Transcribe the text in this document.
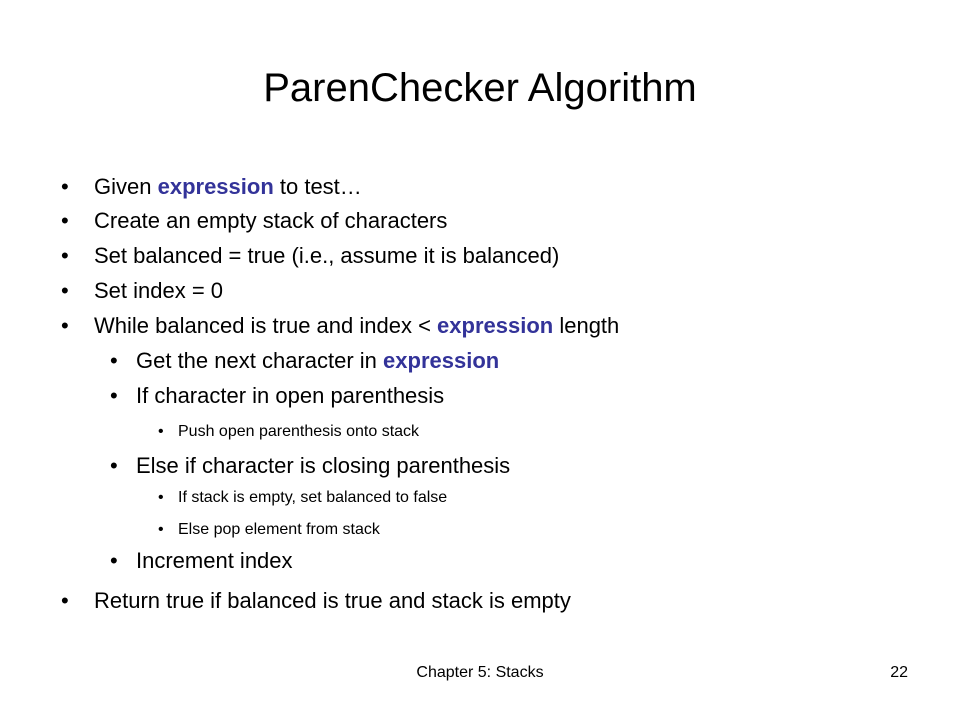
ParenChecker Algorithm
• Given expression to test…
• Create an empty stack of characters
• Set balanced = true (i.e., assume it is balanced)
• Set index = 0
• While balanced is true and index < expression length
• Get the next character in expression
• If character in open parenthesis
• Push open parenthesis onto stack
• Else if character is closing parenthesis
• If stack is empty, set balanced to false
• Else pop element from stack
• Increment index
• Return true if balanced is true and stack is empty
Chapter 5: Stacks	22
